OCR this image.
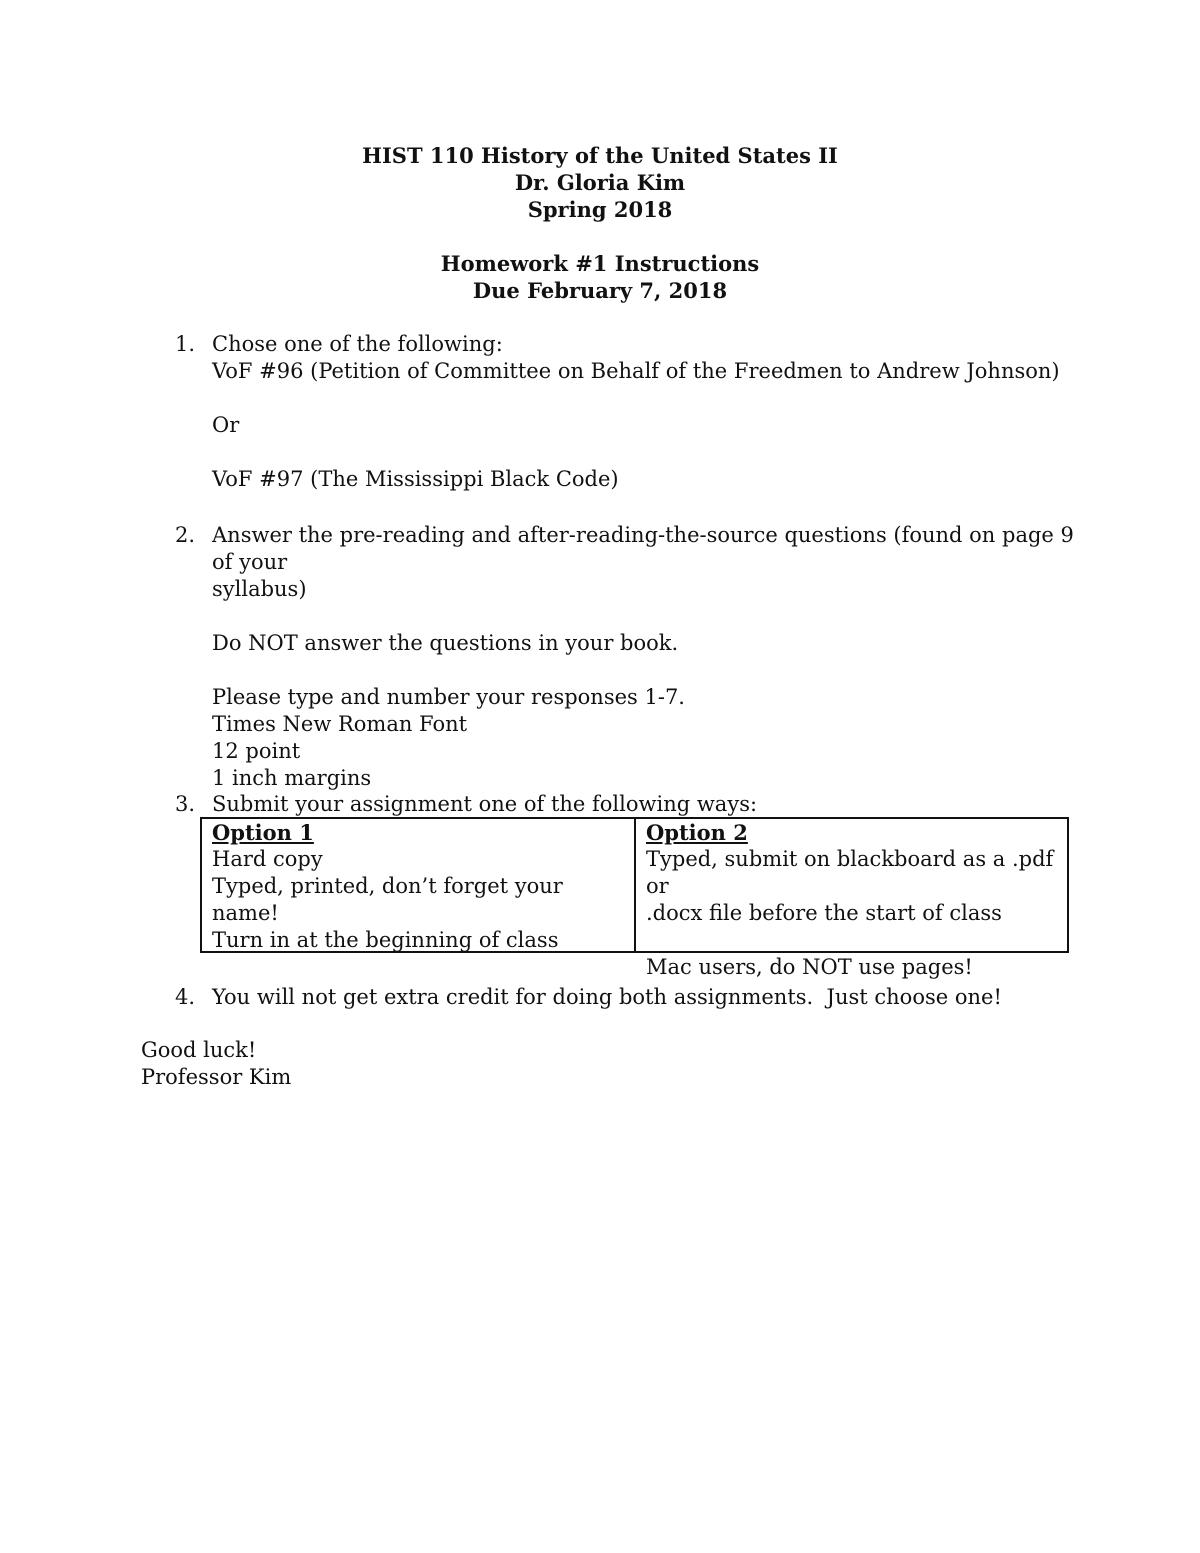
HIST 110 History of the United States II
Dr. Gloria Kim
Spring 2018
Homework #1 Instructions
Due February 7, 2018
1. Chose one of the following:
VoF #96 (Petition of Committee on Behalf of the Freedmen to Andrew Johnson)
Or
VoF #97 (The Mississippi Black Code)
2. Answer the pre-reading and after-reading-the-source questions (found on page 9 of your
syllabus)
Do NOT answer the questions in your book.
Please type and number your responses 1-7.
Times New Roman Font
12 point
1 inch margins
3. Submit your assignment one of the following ways:
Option 1
Hard copy
Typed, printed, don’t forget your name!
Turn in at the beginning of class
Option 2
Typed, submit on blackboard as a .pdf or
.docx file before the start of class
Mac users, do NOT use pages!
4. You will not get extra credit for doing both assignments.  Just choose one!
Good luck!
Professor Kim
